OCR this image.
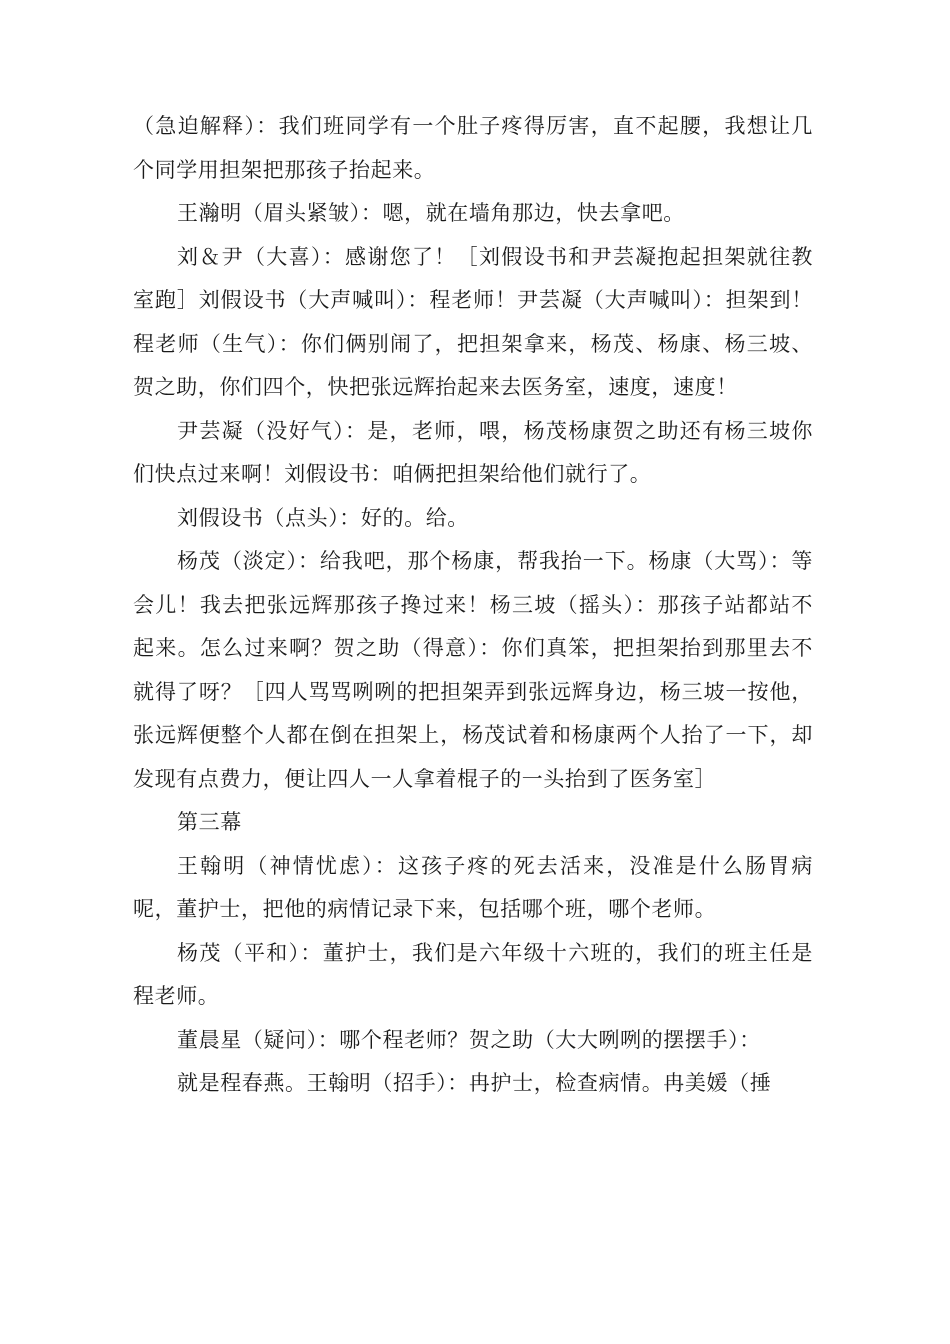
（急迫解释）：我们班同学有一个肚子疼得厉害，直不起腰，我想让几个同学用担架把那孩子抬起来。

王瀚明（眉头紧皱）：嗯，就在墙角那边，快去拿吧。

刘＆尹（大喜）：感谢您了！［刘假设书和尹芸凝抱起担架就往教室跑］刘假设书（大声喊叫）：程老师！尹芸凝（大声喊叫）：担架到！程老师（生气）：你们俩别闹了，把担架拿来，杨茂、杨康、杨三坡、贺之助，你们四个，快把张远辉抬起来去医务室，速度，速度！

尹芸凝（没好气）：是，老师，喂，杨茂杨康贺之助还有杨三坡你们快点过来啊！刘假设书：咱俩把担架给他们就行了。

刘假设书（点头）：好的。给。

杨茂（淡定）：给我吧，那个杨康，帮我抬一下。杨康（大骂）：等会儿！我去把张远辉那孩子搀过来！杨三坡（摇头）：那孩子站都站不起来。怎么过来啊？贺之助（得意）：你们真笨，把担架抬到那里去不就得了呀？［四人骂骂咧咧的把担架弄到张远辉身边，杨三坡一按他，张远辉便整个人都在倒在担架上，杨茂试着和杨康两个人抬了一下，却发现有点费力，便让四人一人拿着棍子的一头抬到了医务室］

第三幕

王翰明（神情忧虑）：这孩子疼的死去活来，没准是什么肠胃病呢，董护士，把他的病情记录下来，包括哪个班，哪个老师。

杨茂（平和）：董护士，我们是六年级十六班的，我们的班主任是程老师。

董晨星（疑问）：哪个程老师？贺之助（大大咧咧的摆摆手）：

就是程春燕。王翰明（招手）：冉护士，检查病情。冉美媛（捶
